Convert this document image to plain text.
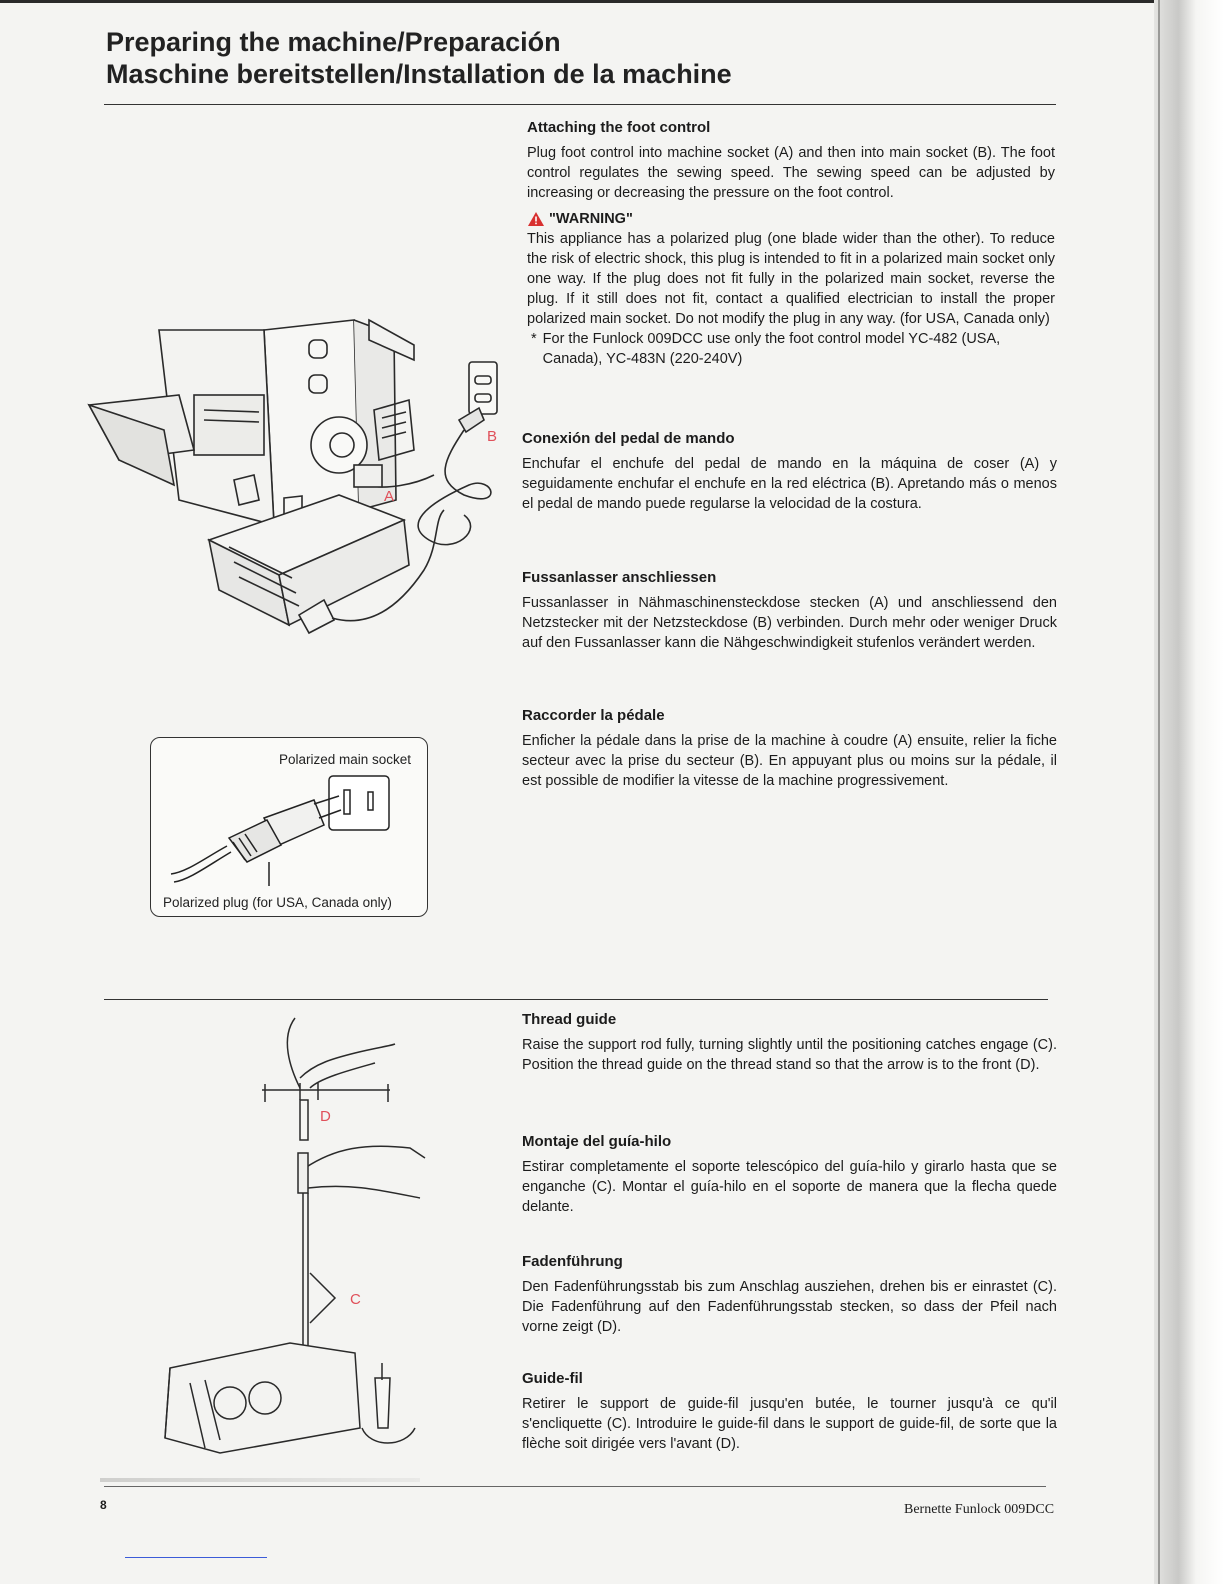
Preparing the machine/Preparación
Maschine bereitstellen/Installation de la machine
Attaching the foot control

Plug foot control into machine socket (A) and then into main socket (B). The foot control regulates the sewing speed. The sewing speed can be adjusted by increasing or decreasing the pressure on the foot control.

"WARNING"

This appliance has a polarized plug (one blade wider than the other). To reduce the risk of electric shock, this plug is intended to fit in a polarized main socket only one way. If the plug does not fit fully in the polarized main socket, reverse the plug. If it still does not fit, contact a qualified electrician to install the proper polarized main socket. Do not modify the plug in any way. (for USA, Canada only)

* For the Funlock 009DCC use only the foot control model YC-482 (USA, Canada), YC-483N (220-240V)
Conexión del pedal de mando

Enchufar el enchufe del pedal de mando en la máquina de coser (A) y seguidamente enchufar el enchufe en la red eléctrica (B). Apretando más o menos el pedal de mando puede regularse la velocidad de la costura.

Fussanlasser anschliessen

Fussanlasser in Nähmaschinensteckdose stecken (A) und anschliessend den Netzstecker mit der Netzsteckdose (B) verbinden. Durch mehr oder weniger Druck auf den Fussanlasser kann die Nähgeschwindigkeit stufenlos verändert werden.

Raccorder la pédale

Enficher la pédale dans la prise de la machine à coudre (A) ensuite, relier la fiche secteur avec la prise du secteur (B). En appuyant plus ou moins sur la pédale, il est possible de modifier la vitesse de la machine progressivement.

B
A
Polarized main socket
Polarized plug (for USA, Canada only)
D
C
Thread guide

Raise the support rod fully, turning slightly until the positioning catches engage (C). Position the thread guide on the thread stand so that the arrow is to the front (D).

Montaje del guía-hilo

Estirar completamente el soporte telescópico del guía-hilo y girarlo hasta que se enganche (C). Montar el guía-hilo en el soporte de manera que la flecha quede delante.

Fadenführung

Den Fadenführungsstab bis zum Anschlag ausziehen, drehen bis er einrastet (C). Die Fadenführung auf den Fadenführungsstab stecken, so dass der Pfeil nach vorne zeigt (D).

Guide-fil

Retirer le support de guide-fil jusqu'en butée, le tourner jusqu'à ce qu'il s'encliquette (C). Introduire le guide-fil dans le support de guide-fil, de sorte que la flèche soit dirigée vers l'avant (D).

8	Bernette Funlock 009DCC
